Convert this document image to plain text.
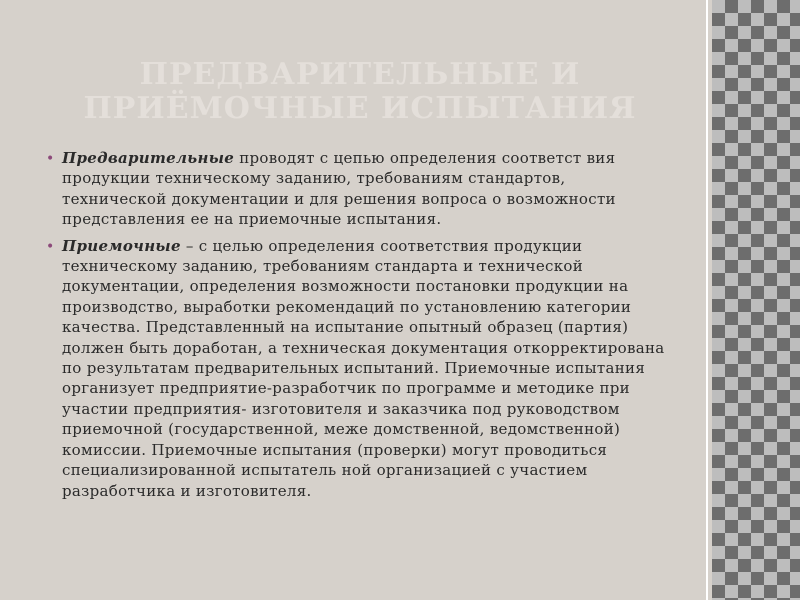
ПРЕДВАРИТЕЛЬНЫЕ И ПРИЁМОЧНЫЕ ИСПЫТАНИЯ
• Предварительные проводят с цепью определения соответст вия продукции техническому заданию, требованиям стандартов, технической документации и для решения вопроса о возможности представления ее на приемочные испытания.
• Приемочные – с целью определения соответствия продукции техническому заданию, требованиям стандарта и технической документации, определения возможности постановки продукции на производство, выработки рекомендаций по установлению категории качества. Представленный на испытание опытный образец (партия) должен быть доработан, а техническая документация откорректирована по результатам предварительных испытаний. Приемочные испытания организует предприятие-разработчик по программе и методике при участии предприятия- изготовителя и заказчика под руководством приемочной (государственной, меже домственной, ведомственной) комиссии. Приемочные испытания (проверки) могут проводиться специализированной испытатель ной организацией с участием разработчика и изготовителя.
